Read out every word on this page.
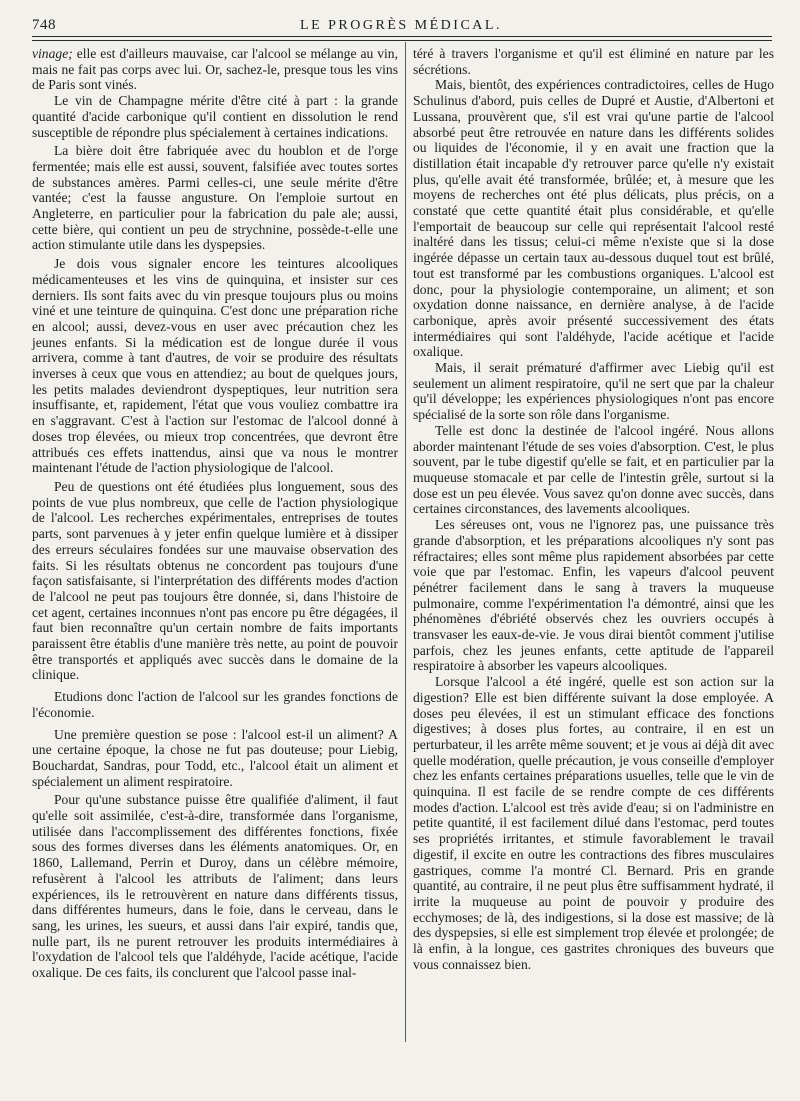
748	LE PROGRÈS MÉDICAL.

vinage; elle est d'ailleurs mauvaise, car l'alcool se mélange au vin, mais ne fait pas corps avec lui. Or, sachez-le, presque tous les vins de Paris sont vinés.

Le vin de Champagne mérite d'être cité à part : la grande quantité d'acide carbonique qu'il contient en dissolution le rend susceptible de répondre plus spécialement à certaines indications.

La bière doit être fabriquée avec du houblon et de l'orge fermentée; mais elle est aussi, souvent, falsifiée avec toutes sortes de substances amères. Parmi celles-ci, une seule mérite d'être vantée; c'est la fausse angusture. On l'emploie surtout en Angleterre, en particulier pour la fabrication du pale ale; aussi, cette bière, qui contient un peu de strychnine, possède-t-elle une action stimulante utile dans les dyspepsies.

Je dois vous signaler encore les teintures alcooliques médicamenteuses et les vins de quinquina, et insister sur ces derniers. Ils sont faits avec du vin presque toujours plus ou moins viné et une teinture de quinquina. C'est donc une préparation riche en alcool; aussi, devez-vous en user avec précaution chez les jeunes enfants. Si la médication est de longue durée il vous arrivera, comme à tant d'autres, de voir se produire des résultats inverses à ceux que vous en attendiez; au bout de quelques jours, les petits malades deviendront dyspeptiques, leur nutrition sera insuffisante, et, rapidement, l'état que vous vouliez combattre ira en s'aggravant. C'est à l'action sur l'estomac de l'alcool donné à doses trop élevées, ou mieux trop concentrées, que devront être attribués ces effets inattendus, ainsi que va nous le montrer maintenant l'étude de l'action physiologique de l'alcool.

Peu de questions ont été étudiées plus longuement, sous des points de vue plus nombreux, que celle de l'action physiologique de l'alcool. Les recherches expérimentales, entreprises de toutes parts, sont parvenues à y jeter enfin quelque lumière et à dissiper des erreurs séculaires fondées sur une mauvaise observation des faits. Si les résultats obtenus ne concordent pas toujours d'une façon satisfaisante, si l'interprétation des différents modes d'action de l'alcool ne peut pas toujours être donnée, si, dans l'histoire de cet agent, certaines inconnues n'ont pas encore pu être dégagées, il faut bien reconnaître qu'un certain nombre de faits importants paraissent être établis d'une manière très nette, au point de pouvoir être transportés et appliqués avec succès dans le domaine de la clinique.

Etudions donc l'action de l'alcool sur les grandes fonctions de l'économie.

Une première question se pose : l'alcool est-il un aliment? A une certaine époque, la chose ne fut pas douteuse; pour Liebig, Bouchardat, Sandras, pour Todd, etc., l'alcool était un aliment et spécialement un aliment respiratoire.

Pour qu'une substance puisse être qualifiée d'aliment, il faut qu'elle soit assimilée, c'est-à-dire, transformée dans l'organisme, utilisée dans l'accomplissement des différentes fonctions, fixée sous des formes diverses dans les éléments anatomiques. Or, en 1860, Lallemand, Perrin et Duroy, dans un célèbre mémoire, refusèrent à l'alcool les attributs de l'aliment; dans leurs expériences, ils le retrouvèrent en nature dans différents tissus, dans différentes humeurs, dans le foie, dans le cerveau, dans le sang, les urines, les sueurs, et aussi dans l'air expiré, tandis que, nulle part, ils ne purent retrouver les produits intermédiaires à l'oxydation de l'alcool tels que l'aldéhyde, l'acide acétique, l'acide oxalique. De ces faits, ils conclurent que l'alcool passe inal-

téré à travers l'organisme et qu'il est éliminé en nature par les sécrétions.

Mais, bientôt, des expériences contradictoires, celles de Hugo Schulinus d'abord, puis celles de Dupré et Austie, d'Albertoni et Lussana, prouvèrent que, s'il est vrai qu'une partie de l'alcool absorbé peut être retrouvée en nature dans les différents solides ou liquides de l'économie, il y en avait une fraction que la distillation était incapable d'y retrouver parce qu'elle n'y existait plus, qu'elle avait été transformée, brûlée; et, à mesure que les moyens de recherches ont été plus délicats, plus précis, on a constaté que cette quantité était plus considérable, et qu'elle l'emportait de beaucoup sur celle qui représentait l'alcool resté inaltéré dans les tissus; celui-ci même n'existe que si la dose ingérée dépasse un certain taux au-dessous duquel tout est brûlé, tout est transformé par les combustions organiques. L'alcool est donc, pour la physiologie contemporaine, un aliment; et son oxydation donne naissance, en dernière analyse, à de l'acide carbonique, après avoir présenté successivement des états intermédiaires qui sont l'aldéhyde, l'acide acétique et l'acide oxalique.

Mais, il serait prématuré d'affirmer avec Liebig qu'il est seulement un aliment respiratoire, qu'il ne sert que par la chaleur qu'il développe; les expériences physiologiques n'ont pas encore spécialisé de la sorte son rôle dans l'organisme.

Telle est donc la destinée de l'alcool ingéré. Nous allons aborder maintenant l'étude de ses voies d'absorption. C'est, le plus souvent, par le tube digestif qu'elle se fait, et en particulier par la muqueuse stomacale et par celle de l'intestin grêle, surtout si la dose est un peu élevée. Vous savez qu'on donne avec succès, dans certaines circonstances, des lavements alcooliques.

Les séreuses ont, vous ne l'ignorez pas, une puissance très grande d'absorption, et les préparations alcooliques n'y sont pas réfractaires; elles sont même plus rapidement absorbées par cette voie que par l'estomac. Enfin, les vapeurs d'alcool peuvent pénétrer facilement dans le sang à travers la muqueuse pulmonaire, comme l'expérimentation l'a démontré, ainsi que les phénomènes d'ébriété observés chez les ouvriers occupés à transvaser les eaux-de-vie. Je vous dirai bientôt comment j'utilise parfois, chez les jeunes enfants, cette aptitude de l'appareil respiratoire à absorber les vapeurs alcooliques.

Lorsque l'alcool a été ingéré, quelle est son action sur la digestion? Elle est bien différente suivant la dose employée. A doses peu élevées, il est un stimulant efficace des fonctions digestives; à doses plus fortes, au contraire, il en est un perturbateur, il les arrête même souvent; et je vous ai déjà dit avec quelle modération, quelle précaution, je vous conseille d'employer chez les enfants certaines préparations usuelles, telle que le vin de quinquina. Il est facile de se rendre compte de ces différents modes d'action. L'alcool est très avide d'eau; si on l'administre en petite quantité, il est facilement dilué dans l'estomac, perd toutes ses propriétés irritantes, et stimule favorablement le travail digestif, il excite en outre les contractions des fibres musculaires gastriques, comme l'a montré Cl. Bernard. Pris en grande quantité, au contraire, il ne peut plus être suffisamment hydraté, il irrite la muqueuse au point de pouvoir y produire des ecchymoses; de là, des indigestions, si la dose est massive; de là des dyspepsies, si elle est simplement trop élevée et prolongée; de là enfin, à la longue, ces gastrites chroniques des buveurs que vous connaissez bien.
